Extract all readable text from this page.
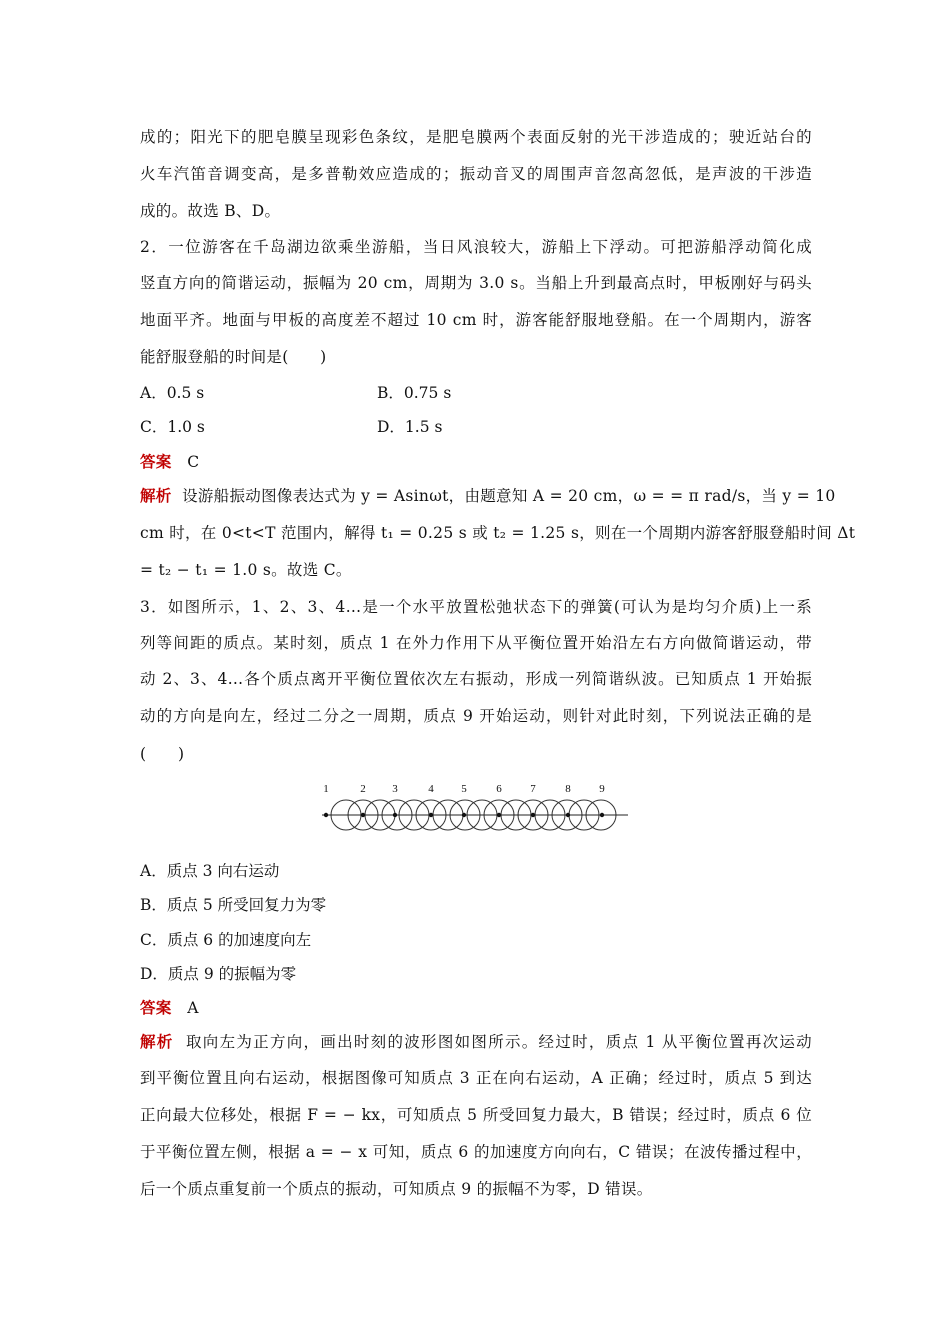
成的；阳光下的肥皂膜呈现彩色条纹，是肥皂膜两个表面反射的光干涉造成的；驶近站台的
火车汽笛音调变高，是多普勒效应造成的；振动音叉的周围声音忽高忽低，是声波的干涉造
成的。故选 B、D。
2．一位游客在千岛湖边欲乘坐游船，当日风浪较大，游船上下浮动。可把游船浮动简化成
竖直方向的简谐运动，振幅为 20 cm，周期为 3.0 s。当船上升到最高点时，甲板刚好与码头
地面平齐。地面与甲板的高度差不超过 10 cm 时，游客能舒服地登船。在一个周期内，游客
能舒服登船的时间是(　　)
A．0.5 s	B．0.75 s
C．1.0 s	D．1.5 s
答案 C
解析 设游船振动图像表达式为 y = Asinωt，由题意知 A = 20 cm，ω = = π rad/s，当 y = 10
cm 时，在 0<t<T 范围内，解得 t₁ = 0.25 s 或 t₂ = 1.25 s，则在一个周期内游客舒服登船时间 Δt
= t₂ − t₁ = 1.0 s。故选 C。
3．如图所示，1、2、3、4…是一个水平放置松弛状态下的弹簧(可认为是均匀介质)上一系
列等间距的质点。某时刻，质点 1 在外力作用下从平衡位置开始沿左右方向做简谐运动，带
动 2、3、4…各个质点离开平衡位置依次左右振动，形成一列简谐纵波。已知质点 1 开始振
动的方向是向左，经过二分之一周期，质点 9 开始运动，则针对此时刻，下列说法正确的是
(　　)
1	2 3	4	5	6	7	8	9
A．质点 3 向右运动
B．质点 5 所受回复力为零
C．质点 6 的加速度向左
D．质点 9 的振幅为零
答案 A
解析 取向左为正方向，画出时刻的波形图如图所示。经过时，质点 1 从平衡位置再次运动
到平衡位置且向右运动，根据图像可知质点 3 正在向右运动，A 正确；经过时，质点 5 到达
正向最大位移处，根据 F = − kx，可知质点 5 所受回复力最大，B 错误；经过时，质点 6 位
于平衡位置左侧，根据 a = − x 可知，质点 6 的加速度方向向右，C 错误；在波传播过程中，
后一个质点重复前一个质点的振动，可知质点 9 的振幅不为零，D 错误。
